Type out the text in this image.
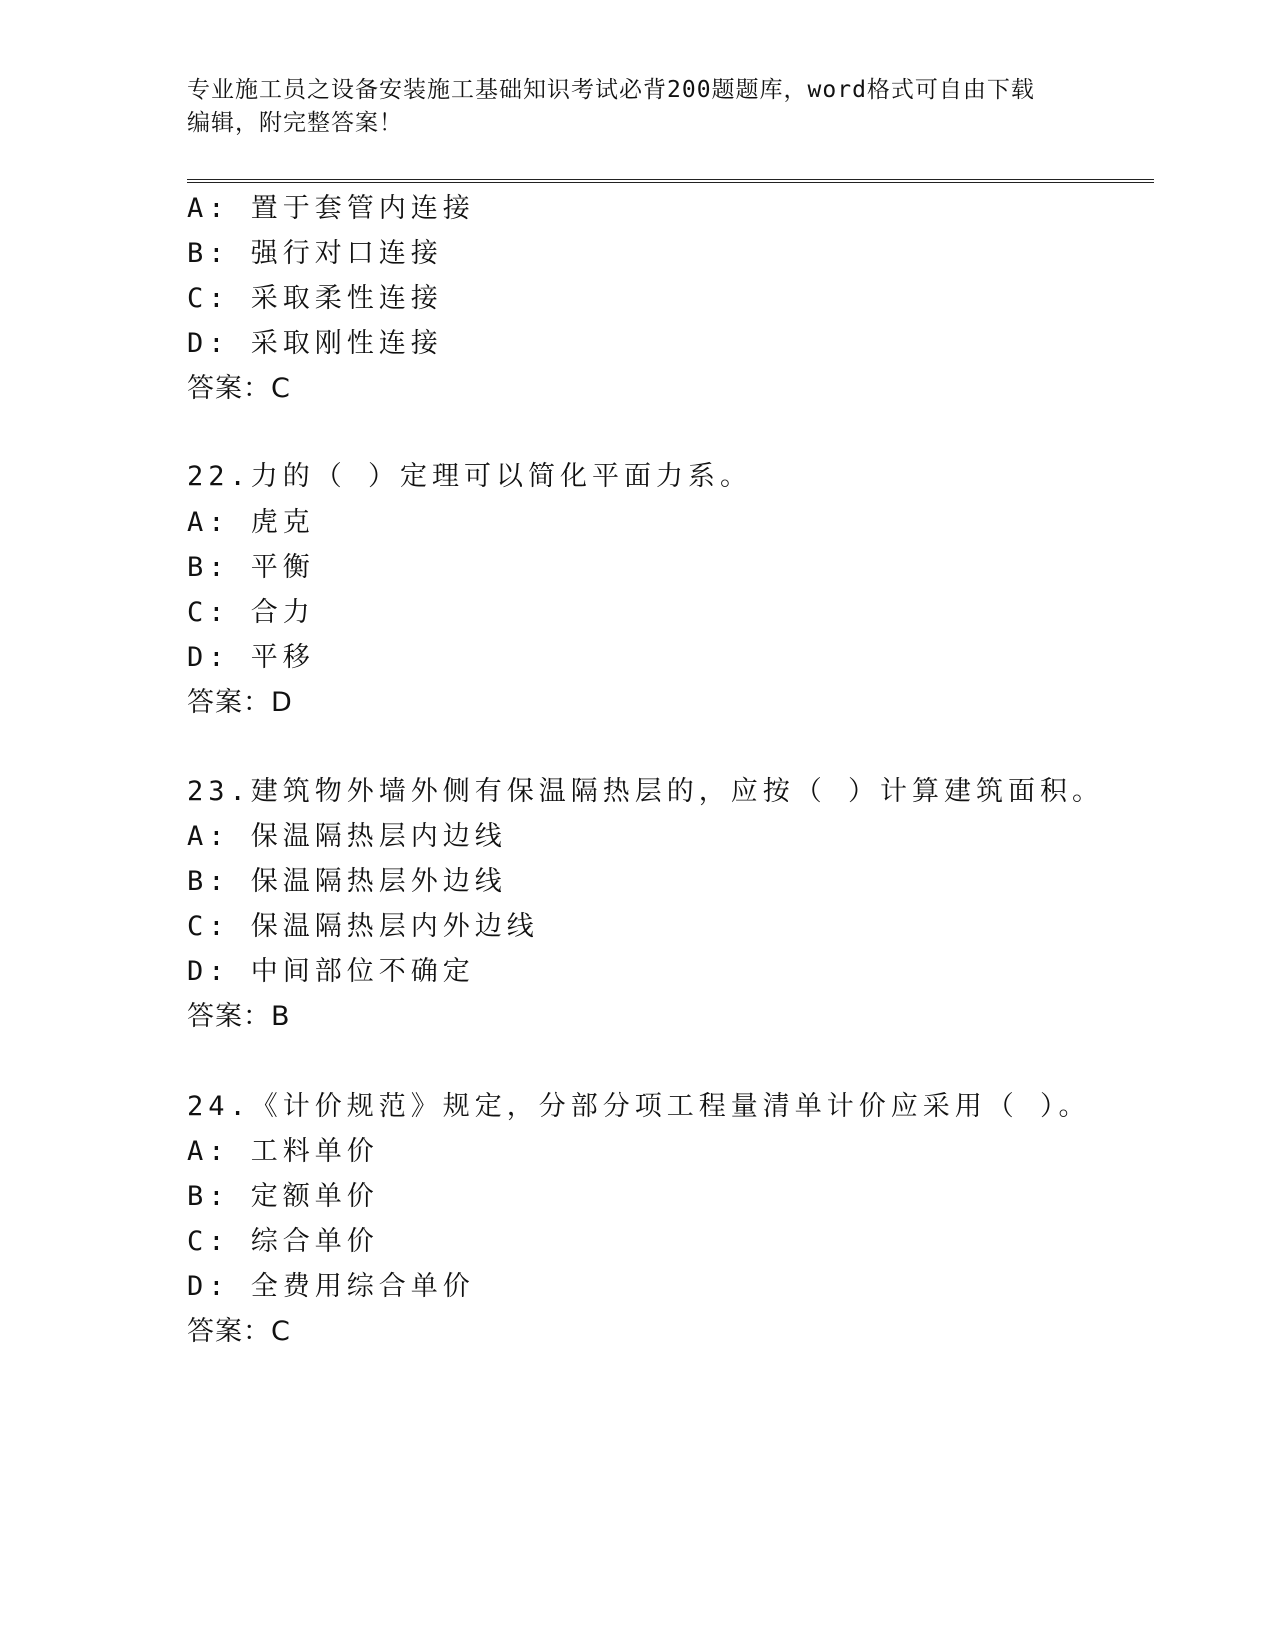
专业施工员之设备安装施工基础知识考试必背200题题库，word格式可自由下载
编辑，附完整答案！
A: 置于套管内连接
B: 强行对口连接
C: 采取柔性连接
D: 采取刚性连接
答案：C
22.力的（ ）定理可以简化平面力系。
A: 虎克
B: 平衡
C: 合力
D: 平移
答案：D
23.建筑物外墙外侧有保温隔热层的，应按（ ）计算建筑面积。
A: 保温隔热层内边线
B: 保温隔热层外边线
C: 保温隔热层内外边线
D: 中间部位不确定
答案：B
24.《计价规范》规定，分部分项工程量清单计价应采用（ ）。
A: 工料单价
B: 定额单价
C: 综合单价
D: 全费用综合单价
答案：C
